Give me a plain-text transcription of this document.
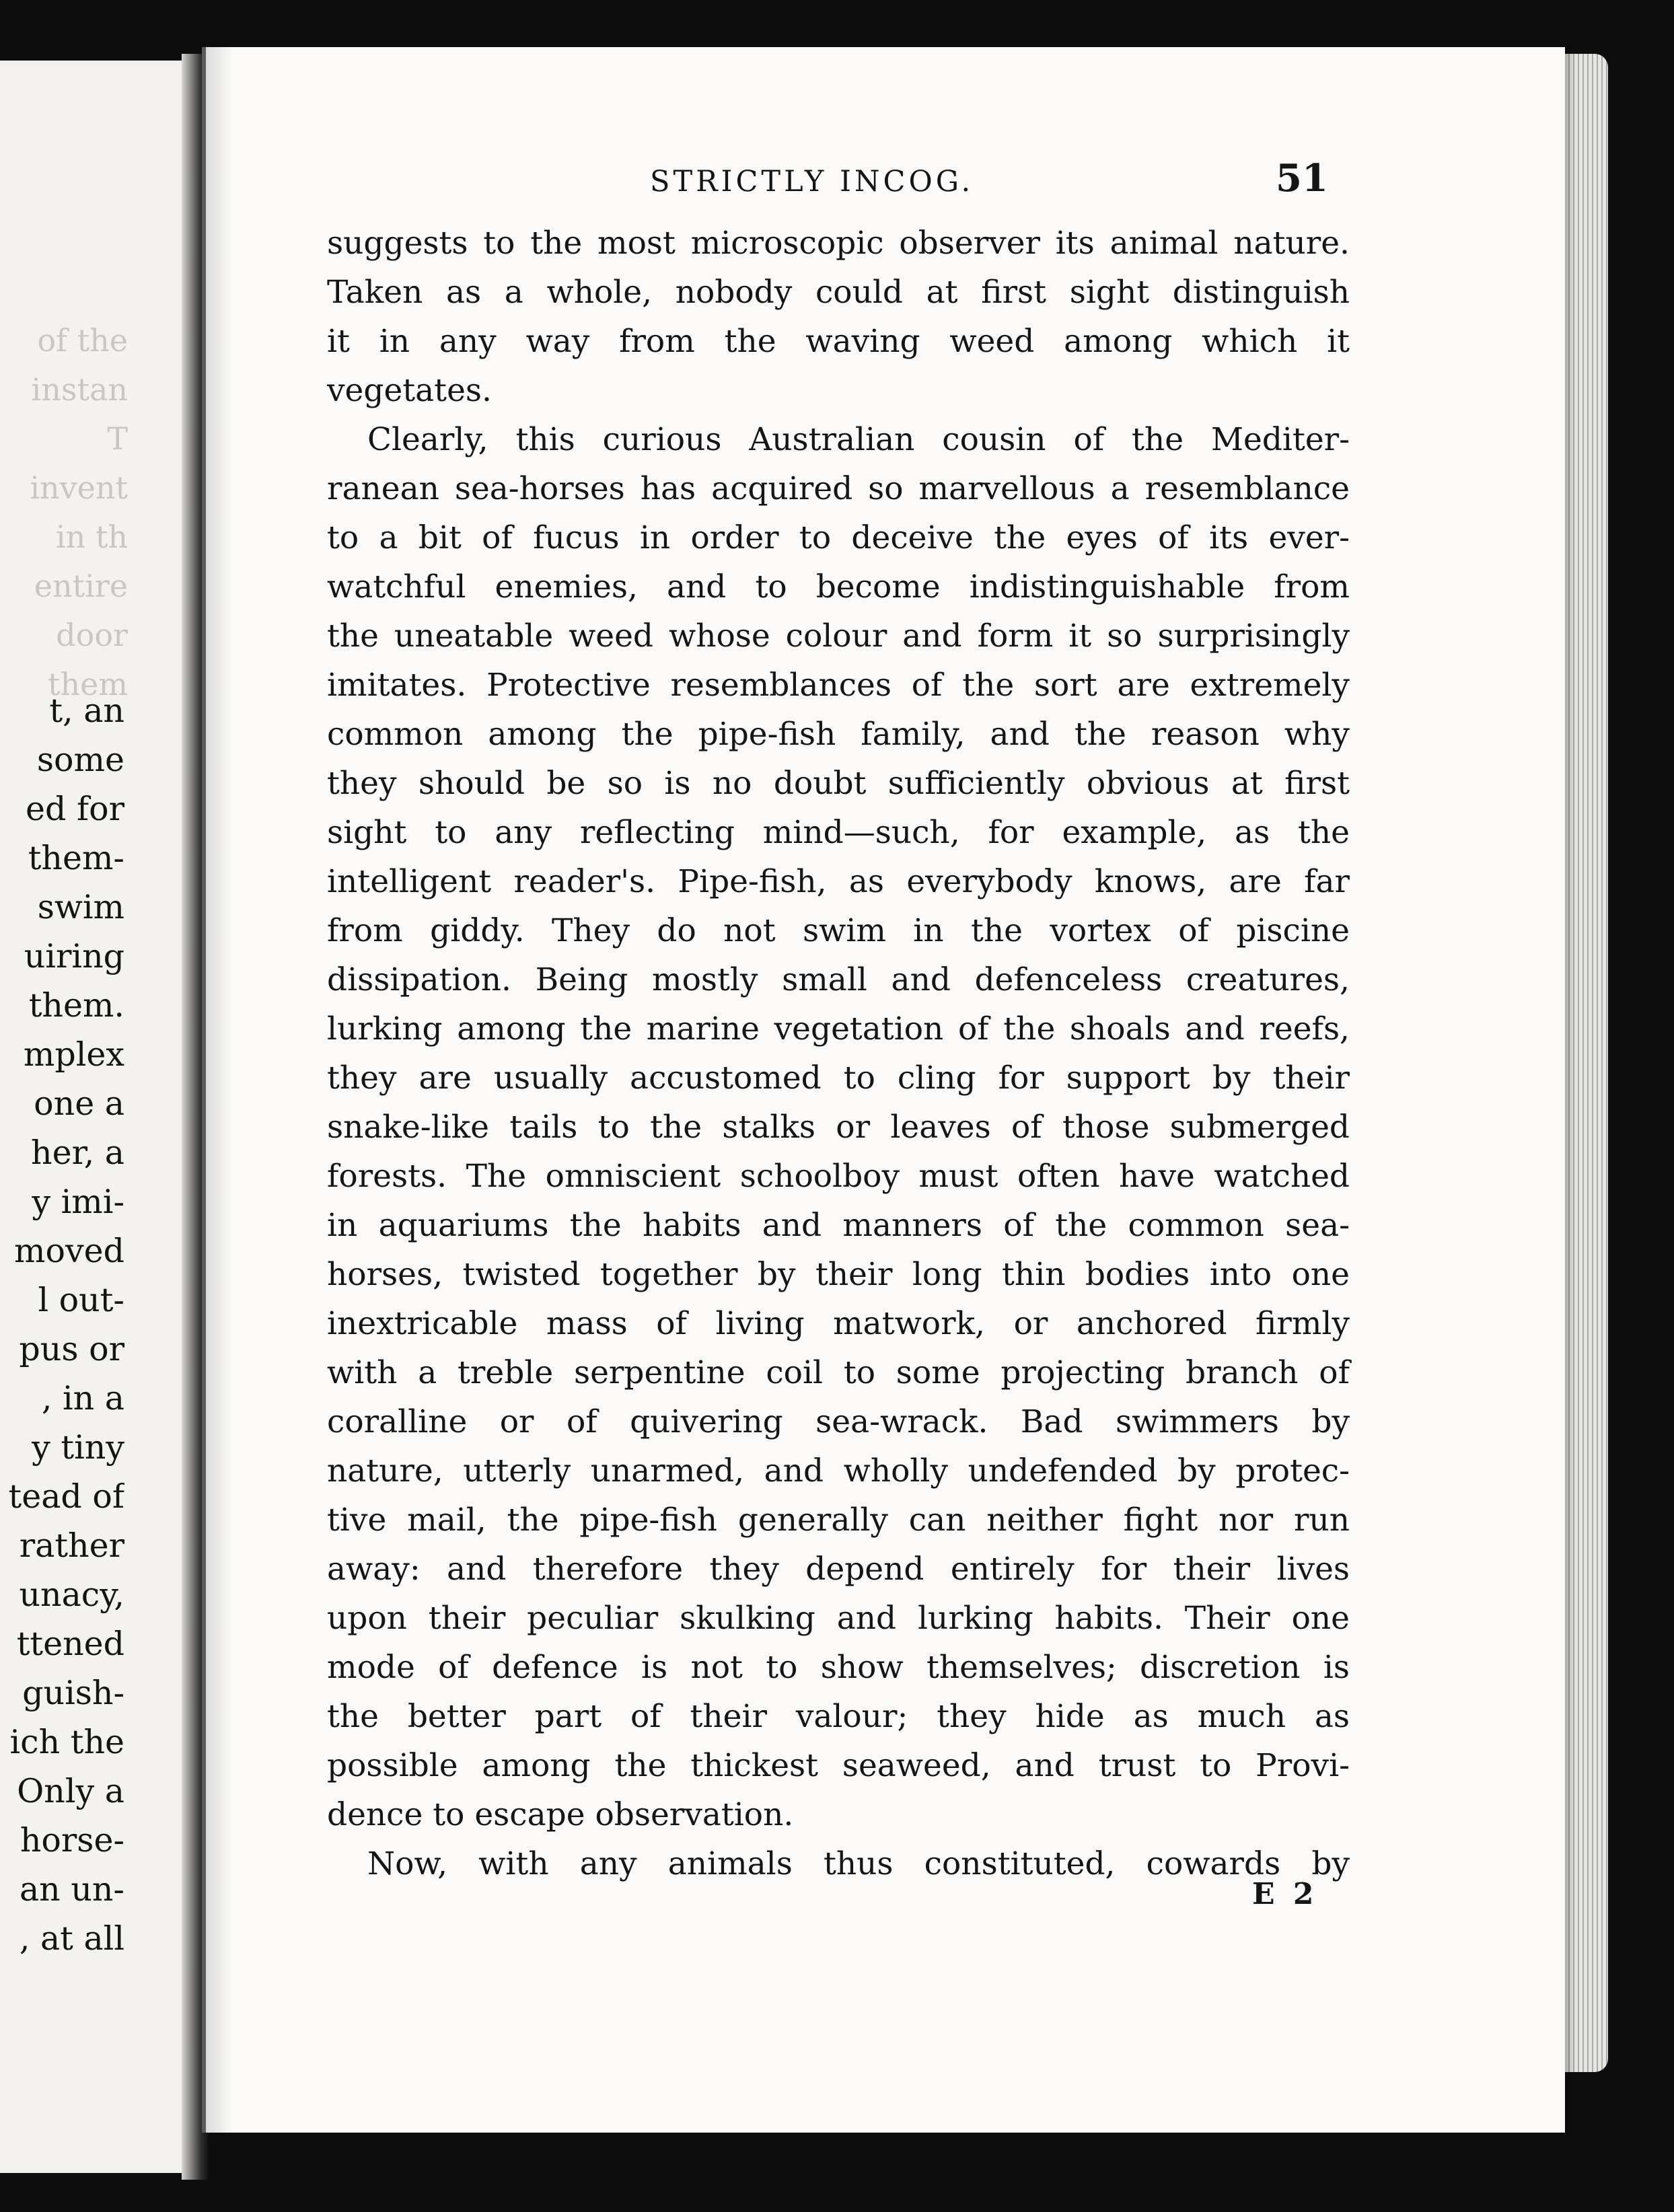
of the
instan
T
invent
in th
entire
door
them
t, an
some
ed for
them-
swim
uiring
them.
mplex
one a
her, a
y imi-
moved
l out-
pus or
, in a
y tiny
tead of
rather
unacy,
ttened
guish-
ich the
Only a
horse-
an un-
, at all
STRICTLY INCOG.	51
suggests to the most microscopic observer its animal nature.
Taken as a whole, nobody could at first sight distinguish
it in any way from the waving weed among which it
vegetates.
Clearly, this curious Australian cousin of the Mediter-
ranean sea-horses has acquired so marvellous a resemblance
to a bit of fucus in order to deceive the eyes of its ever-
watchful enemies, and to become indistinguishable from
the uneatable weed whose colour and form it so surprisingly
imitates. Protective resemblances of the sort are extremely
common among the pipe-fish family, and the reason why
they should be so is no doubt sufficiently obvious at first
sight to any reflecting mind—such, for example, as the
intelligent reader's. Pipe-fish, as everybody knows, are far
from giddy. They do not swim in the vortex of piscine
dissipation. Being mostly small and defenceless creatures,
lurking among the marine vegetation of the shoals and reefs,
they are usually accustomed to cling for support by their
snake-like tails to the stalks or leaves of those submerged
forests. The omniscient schoolboy must often have watched
in aquariums the habits and manners of the common sea-
horses, twisted together by their long thin bodies into one
inextricable mass of living matwork, or anchored firmly
with a treble serpentine coil to some projecting branch of
coralline or of quivering sea-wrack. Bad swimmers by
nature, utterly unarmed, and wholly undefended by protec-
tive mail, the pipe-fish generally can neither fight nor run
away: and therefore they depend entirely for their lives
upon their peculiar skulking and lurking habits. Their one
mode of defence is not to show themselves; discretion is
the better part of their valour; they hide as much as
possible among the thickest seaweed, and trust to Provi-
dence to escape observation.
Now, with any animals thus constituted, cowards by
E 2
